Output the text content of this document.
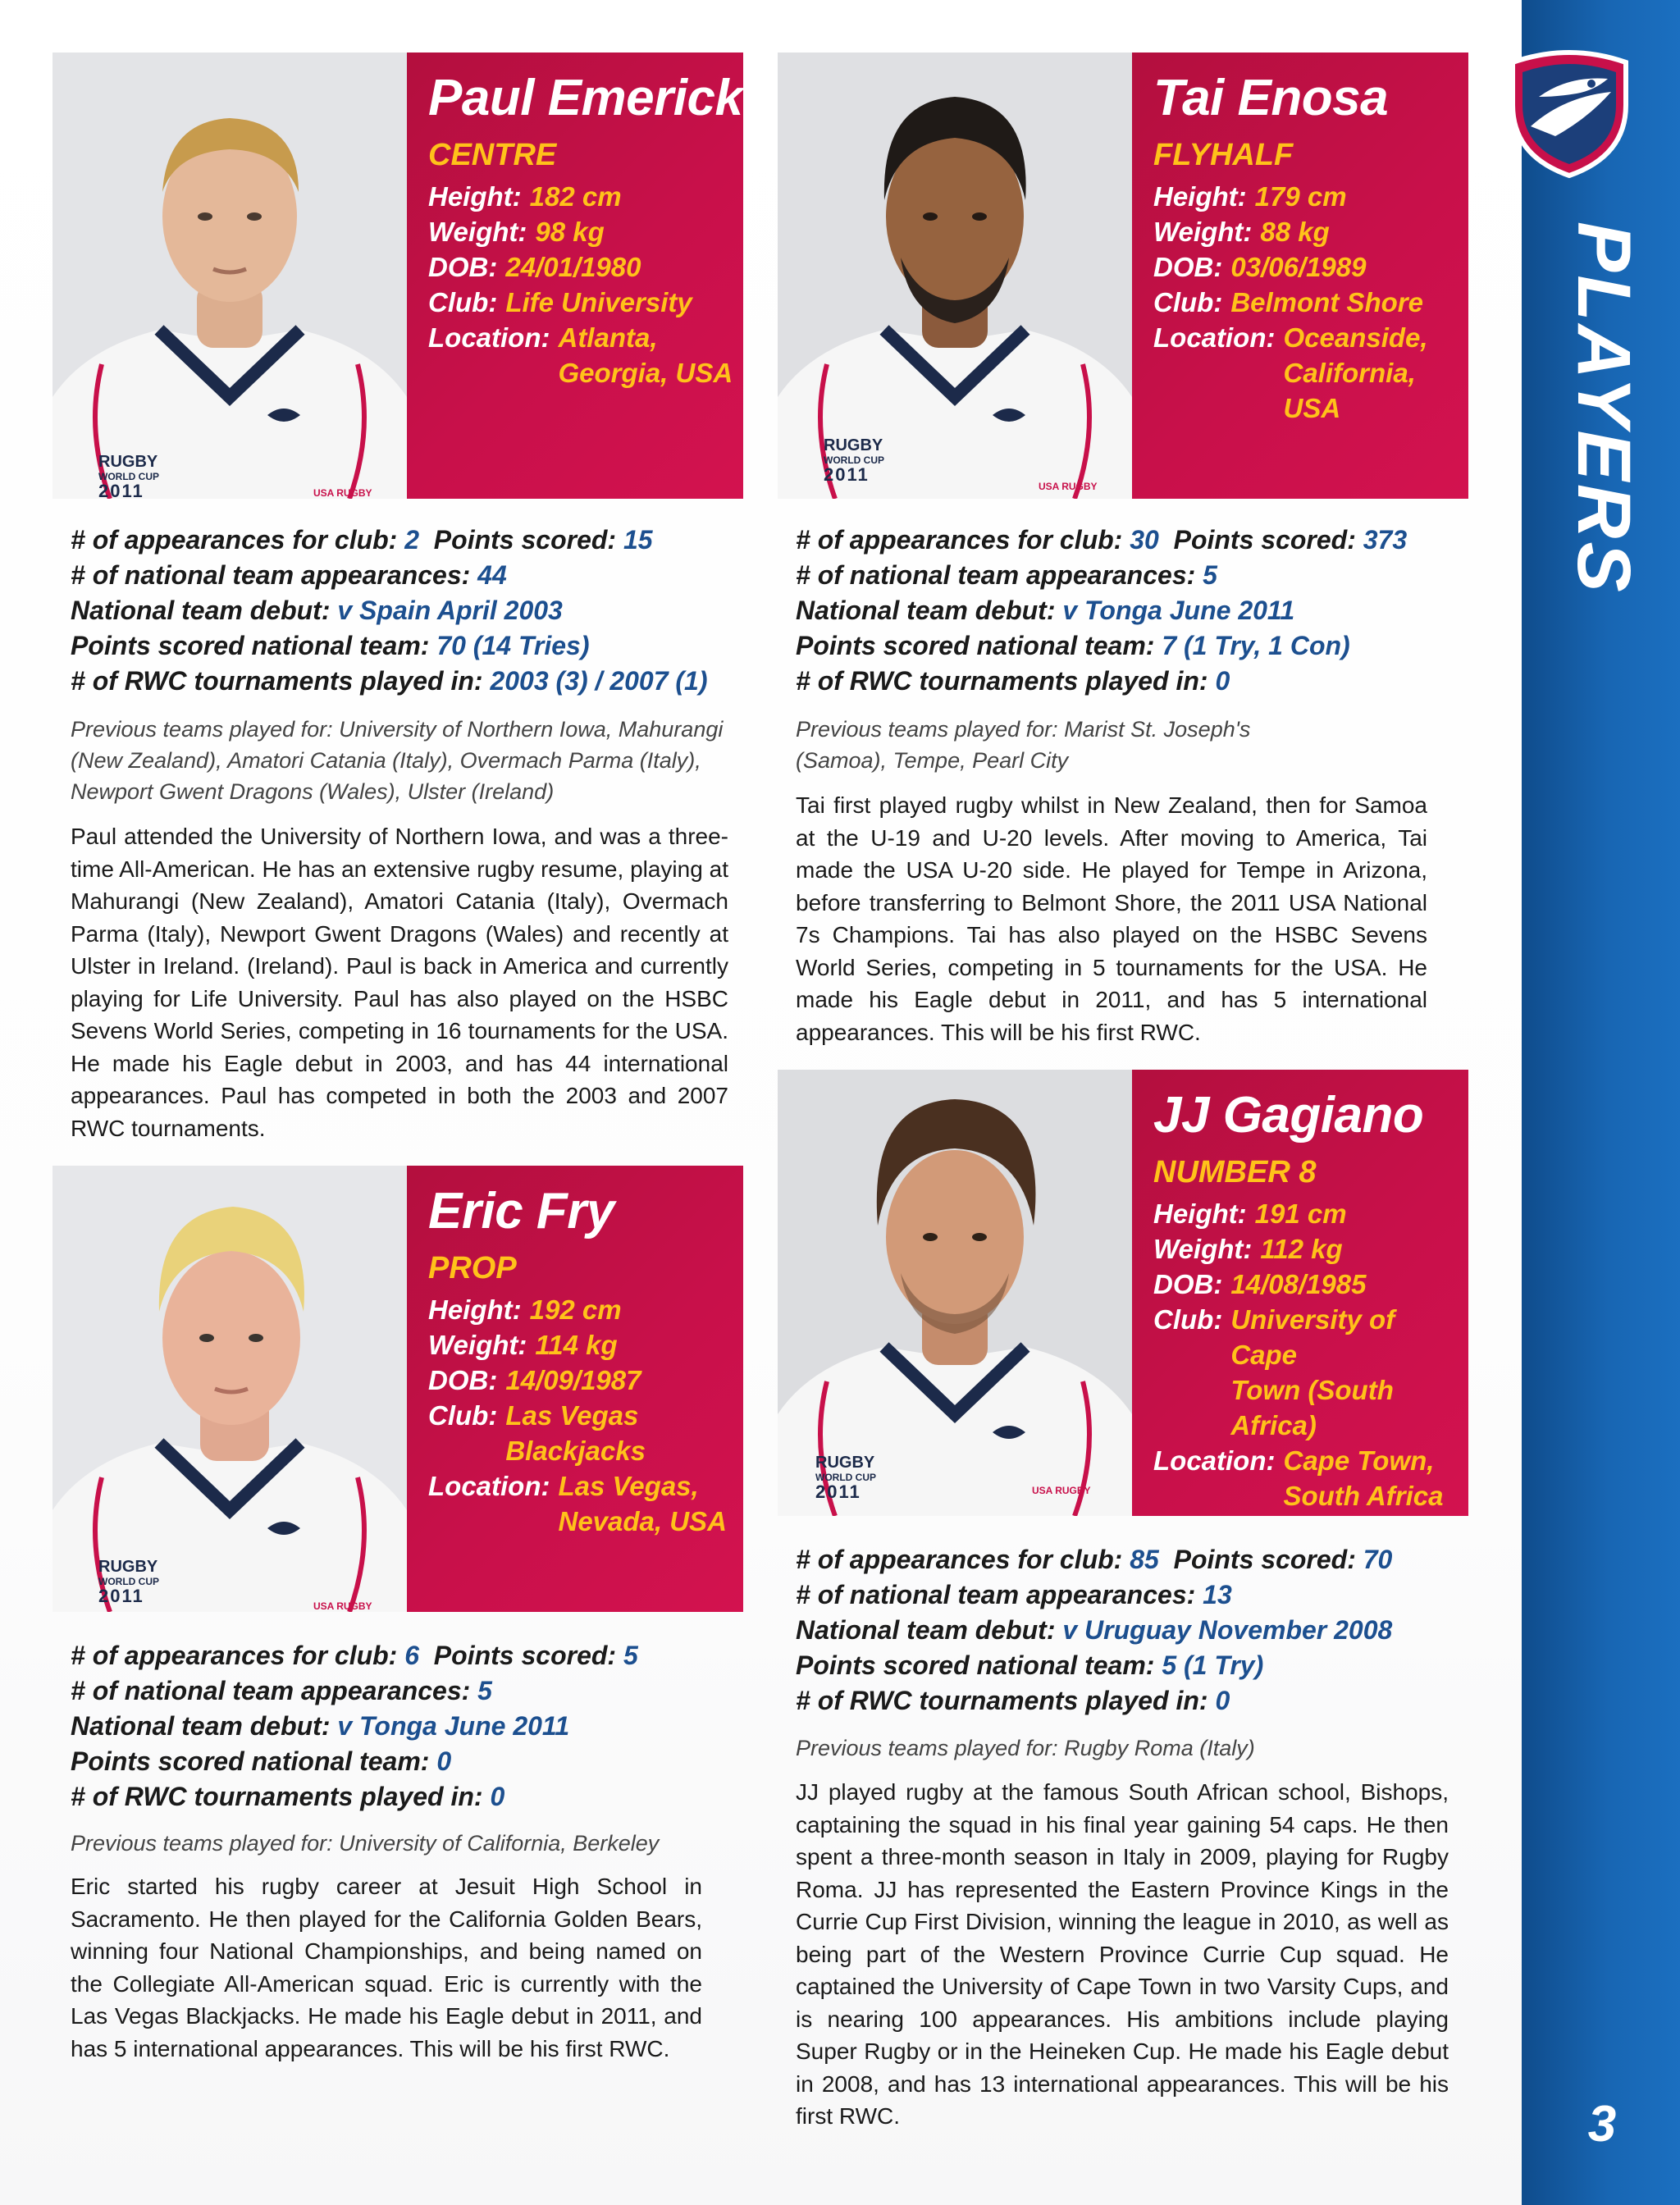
PLAYERS
3
RUGBY
WORLD CUP
2011	USA RUGBY
Paul Emerick
CENTRE
Height: 182 cm
Weight: 98 kg
DOB: 24/01/1980
Club: Life University
Location: Atlanta,
Georgia, USA
# of appearances for club: 2 Points scored: 15
# of national team appearances: 44
National team debut: v Spain April 2003
Points scored national team: 70 (14 Tries)
# of RWC tournaments played in: 2003 (3) / 2007 (1)
Previous teams played for: University of Northern Iowa, Mahurangi (New Zealand), Amatori Catania (Italy), Overmach Parma (Italy), Newport Gwent Dragons (Wales), Ulster (Ireland)
Paul attended the University of Northern Iowa, and was a three-time All-American. He has an extensive rugby resume, playing at Mahurangi (New Zealand), Amatori Catania (Italy), Overmach Parma (Italy), Newport Gwent Dragons (Wales) and recently at Ulster in Ireland. (Ireland). Paul is back in America and currently playing for Life University. Paul has also played on the HSBC Sevens World Series, competing in 16 tournaments for the USA. He made his Eagle debut in 2003, and has 44 international appearances. Paul has competed in both the 2003 and 2007 RWC tournaments.
RUGBY
WORLD CUP
2011
USA RUGBY
Tai Enosa
FLYHALF
Height: 179 cm
Weight: 88 kg
DOB: 03/06/1989
Club: Belmont Shore
Location: Oceanside,
California,
USA
# of appearances for club: 30 Points scored: 373
# of national team appearances: 5
National team debut: v Tonga June 2011
Points scored national team: 7 (1 Try, 1 Con)
# of RWC tournaments played in: 0
Previous teams played for: Marist St. Joseph's (Samoa), Tempe, Pearl City
Tai first played rugby whilst in New Zealand, then for Samoa at the U-19 and U-20 levels. After moving to America, Tai made the USA U-20 side. He played for Tempe in Arizona, before transferring to Belmont Shore, the 2011 USA National 7s Champions. Tai has also played on the HSBC Sevens World Series, competing in 5 tournaments for the USA. He made his Eagle debut in 2011, and has 5 international appearances. This will be his first RWC.
RUGBY
WORLD CUP
2011	USA RUGBY
Eric Fry
PROP
Height: 192 cm
Weight: 114 kg
DOB: 14/09/1987
Club: Las Vegas
Blackjacks
Location: Las Vegas,
Nevada, USA
# of appearances for club: 6 Points scored: 5
# of national team appearances: 5
National team debut: v Tonga June 2011
Points scored national team: 0
# of RWC tournaments played in: 0
Previous teams played for: University of California, Berkeley
Eric started his rugby career at Jesuit High School in Sacramento. He then played for the California Golden Bears, winning four National Championships, and being named on the Collegiate All-American squad. Eric is currently with the Las Vegas Blackjacks. He made his Eagle debut in 2011, and has 5 international appearances. This will be his first RWC.
RUGBY
WORLD CUP
2011	USA RUGBY
JJ Gagiano
NUMBER 8
Height: 191 cm
Weight: 112 kg
DOB: 14/08/1985
Club: University of Cape
Town (South Africa)
Location: Cape Town,
South Africa
# of appearances for club: 85 Points scored: 70
# of national team appearances: 13
National team debut: v Uruguay November 2008
Points scored national team: 5 (1 Try)
# of RWC tournaments played in: 0
Previous teams played for: Rugby Roma (Italy)
JJ played rugby at the famous South African school, Bishops, captaining the squad in his final year gaining 54 caps. He then spent a three-month season in Italy in 2009, playing for Rugby Roma. JJ has represented the Eastern Province Kings in the Currie Cup First Division, winning the league in 2010, as well as being part of the Western Province Currie Cup squad. He captained the University of Cape Town in two Varsity Cups, and is nearing 100 appearances. His ambitions include playing Super Rugby or in the Heineken Cup. He made his Eagle debut in 2008, and has 13 international appearances. This will be his first RWC.
